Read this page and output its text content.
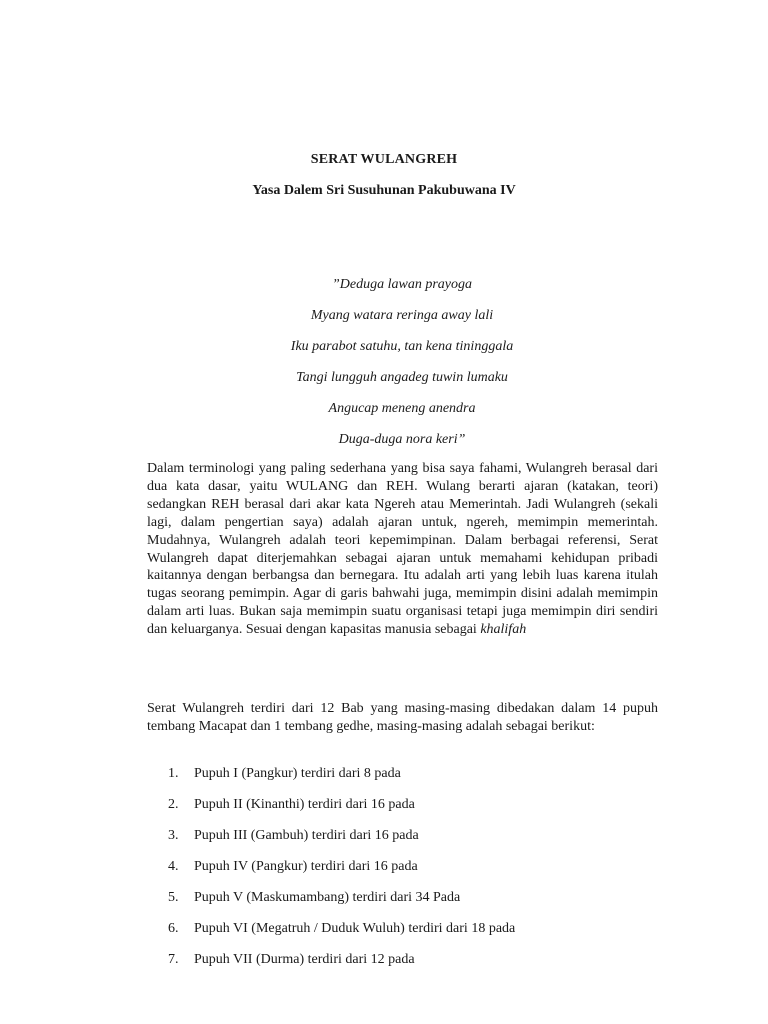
SERAT WULANGREH
Yasa Dalem Sri Susuhunan Pakubuwana IV
”Deduga lawan prayoga
Myang watara reringa away lali
Iku parabot satuhu, tan kena tininggala
Tangi lungguh angadeg tuwin lumaku
Angucap meneng anendra
Duga-duga nora keri”

Dalam terminologi yang paling sederhana yang bisa saya fahami, Wulangreh berasal dari dua kata dasar, yaitu WULANG dan REH. Wulang berarti ajaran (katakan, teori) sedangkan REH berasal dari akar kata Ngereh atau Memerintah. Jadi Wulangreh (sekali lagi, dalam pengertian saya) adalah ajaran untuk, ngereh, memimpin memerintah. Mudahnya, Wulangreh adalah teori kepemimpinan. Dalam berbagai referensi, Serat Wulangreh dapat diterjemahkan sebagai ajaran untuk memahami kehidupan pribadi kaitannya dengan berbangsa dan bernegara. Itu adalah arti yang lebih luas karena itulah tugas seorang pemimpin. Agar di garis bahwahi juga, memimpin disini adalah memimpin dalam arti luas. Bukan saja memimpin suatu organisasi tetapi juga memimpin diri sendiri dan keluarganya. Sesuai dengan kapasitas manusia sebagai khalifah

Serat Wulangreh terdiri dari 12 Bab yang masing-masing dibedakan dalam 14 pupuh tembang Macapat dan 1 tembang gedhe, masing-masing adalah sebagai berikut:

1.	Pupuh I (Pangkur) terdiri dari 8 pada
2.	Pupuh II (Kinanthi) terdiri dari 16 pada
3.	Pupuh III (Gambuh) terdiri dari 16 pada
4.	Pupuh IV (Pangkur) terdiri dari 16 pada
5.	Pupuh V (Maskumambang) terdiri dari 34 Pada
6.	Pupuh VI (Megatruh / Duduk Wuluh) terdiri dari 18 pada
7.	Pupuh VII (Durma) terdiri dari 12 pada
